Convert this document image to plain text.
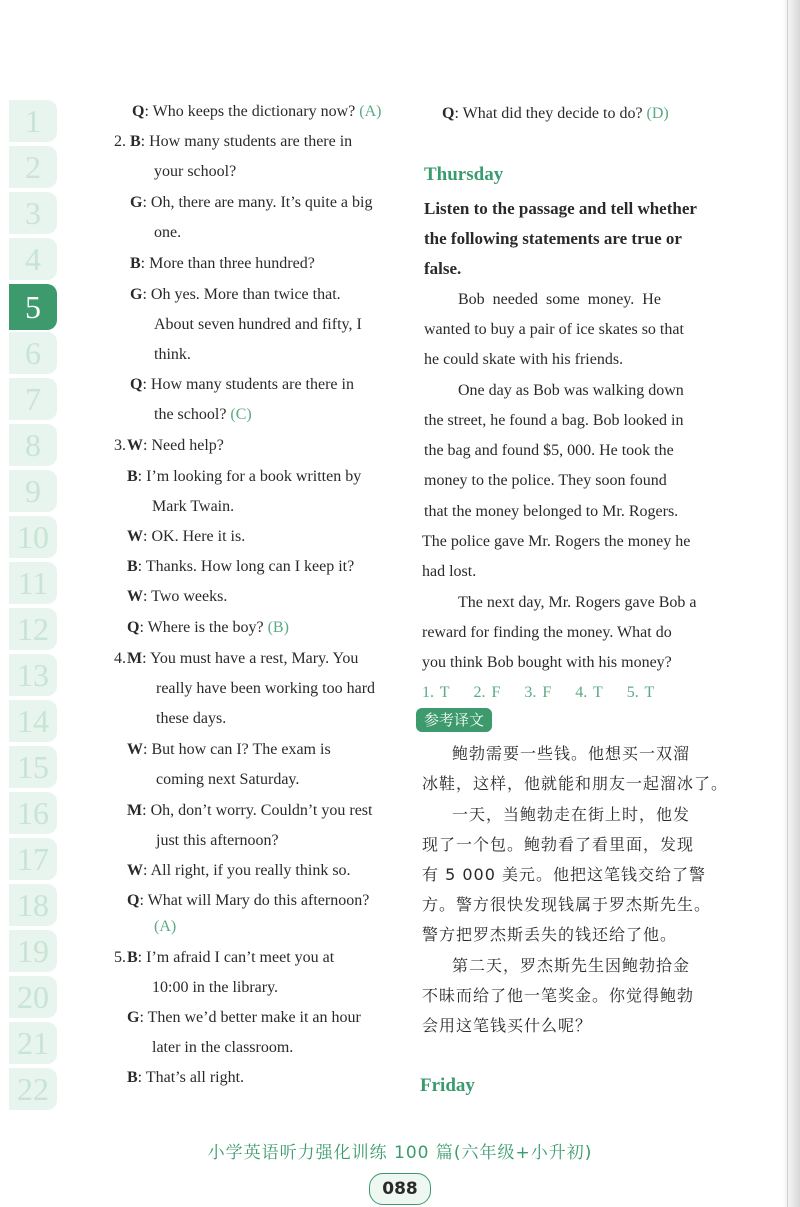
1
2
3
4
5
6
7
8
9
10
11
12
13
14
15
16
17
18
19
20
21
22
Q: Who keeps the dictionary now? (A)
2. B: How many students are there in
your school?
G: Oh, there are many. It’s quite a big
one.
B: More than three hundred?
G: Oh yes. More than twice that.
About seven hundred and fifty, I
think.
Q: How many students are there in
the school? (C)
3. W: Need help?
B: I’m looking for a book written by
Mark Twain.
W: OK. Here it is.
B: Thanks. How long can I keep it?
W: Two weeks.
Q: Where is the boy? (B)
4. M: You must have a rest, Mary. You
really have been working too hard
these days.
W: But how can I? The exam is
coming next Saturday.
M: Oh, don’t worry. Couldn’t you rest
just this afternoon?
W: All right, if you really think so.
Q: What will Mary do this afternoon?
(A)
5. B: I’m afraid I can’t meet you at
10:00 in the library.
G: Then we’d better make it an hour
later in the classroom.
B: That’s all right.
Q: What did they decide to do? (D)
Thursday
Listen to the passage and tell whether
the following statements are true or
false.
Bob  needed  some  money.  He
wanted to buy a pair of ice skates so that
he could skate with his friends.
One day as Bob was walking down
the street, he found a bag. Bob looked in
the bag and found $5, 000. He took the
money to the police. They soon found
that the money belonged to Mr. Rogers.
The police gave Mr. Rogers the money he
had lost.
The next day, Mr. Rogers gave Bob a
reward for finding the money. What do
you think Bob bought with his money?
1. T 2. F 3. F 4. T 5. T
参考译文
鲍勃需要一些钱。他想买一双溜
冰鞋，这样，他就能和朋友一起溜冰了。
一天，当鲍勃走在街上时，他发
现了一个包。鲍勃看了看里面，发现
有 5 000 美元。他把这笔钱交给了警
方。警方很快发现钱属于罗杰斯先生。
警方把罗杰斯丢失的钱还给了他。
第二天，罗杰斯先生因鲍勃拾金
不昧而给了他一笔奖金。你觉得鲍勃
会用这笔钱买什么呢？
Friday
小学英语听力强化训练 100 篇(六年级+小升初)
088
